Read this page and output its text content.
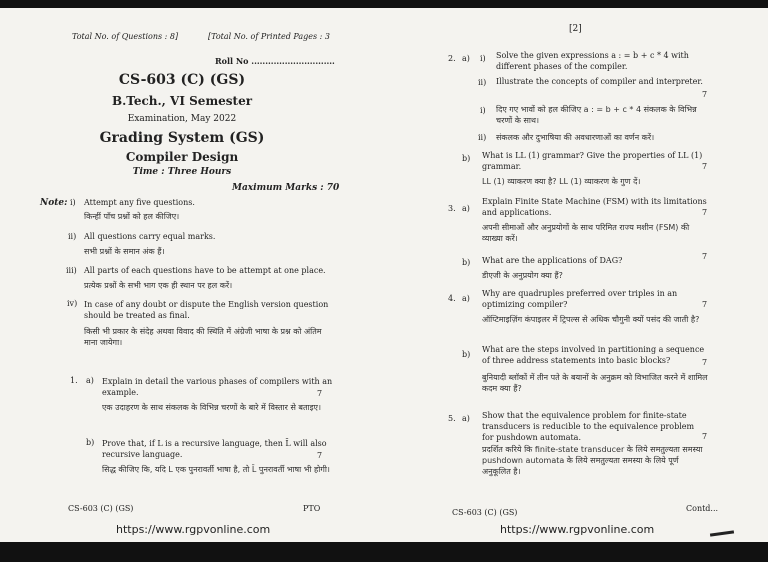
Total No. of Questions : 8]	[Total No. of Printed Pages : 3
Roll No ..............................
CS-603 (C) (GS)
B.Tech., VI Semester
Examination, May 2022
Grading System (GS)
Compiler Design
Time : Three Hours
Maximum Marks : 70
Note: i) Attempt any five questions.
किन्हीं पाँच प्रश्नों को हल कीजिए।
ii) All questions carry equal marks.
सभी प्रश्नों के समान अंक हैं।
iii) All parts of each questions have to be attempt at one place.
प्रत्येक प्रश्नों के सभी भाग एक ही स्थान पर हल करें।
iv) In case of any doubt or dispute the English version question should be treated as final.
किसी भी प्रकार के संदेह अथवा विवाद की स्थिति में अंग्रेजी भाषा के प्रश्न को अंतिम माना जायेगा।
1. a) Explain in detail the various phases of compilers with an example.	7
एक उदाहरण के साथ संकलक के विभिन्न चरणों के बारे में विस्तार से बताइए।
b) Prove that, if L is a recursive language, then L̄ will also recursive language.	7
सिद्ध कीजिए कि, यदि L एक पुनरावर्ती भाषा है, तो L̄ पुनरावर्ती भाषा भी होगी।
CS-603 (C) (GS)	PTO
https://www.rgpvonline.com
[2]
2. a) i) Solve the given expressions a : = b + c * 4 with different phases of the compiler.
ii) Illustrate the concepts of compiler and interpreter.
7
i) दिए गए भावों को हल कीजिए a : = b + c * 4 संकलक के विभिन्न चरणों के साथ।
ii) संकलक और दुभाषिया की अवधारणाओं का वर्णन करें।
b) What is LL (1) grammar? Give the properties of LL (1) grammar.	7
LL (1) व्याकरण क्या है? LL (1) व्याकरण के गुण दें।
3. a)
Explain Finite State Machine (FSM) with its limitations and applications.	7
अपनी सीमाओं और अनुप्रयोगों के साथ परिमित राज्य मशीन (FSM) की व्याख्या करें।
b) What are the applications of DAG?	7
डीएजी के अनुप्रयोग क्या हैं?
4. a)
Why are quadruples preferred over triples in an optimizing compiler?	7
ऑप्टिमाइज़िंग कंपाइलर में ट्रिपल्स से अधिक चौगुनी क्यों पसंद की जाती है?
b)
What are the steps involved in partitioning a sequence of three address statements into basic blocks?	7
बुनियादी ब्लॉकों में तीन पते के बयानों के अनुक्रम को विभाजित करने में शामिल कदम क्या हैं?
5. a) Show that the equivalence problem for finite-state transducers is reducible to the equivalence problem for pushdown automata.	7
प्रदर्शित करिये कि finite-state transducer के लिये समतुल्यता समस्या pushdown automata के लिये समतुल्यता समस्या के लिये पूर्ण अनुकूलित है।
CS-603 (C) (GS)	Contd...
https://www.rgpvonline.com
